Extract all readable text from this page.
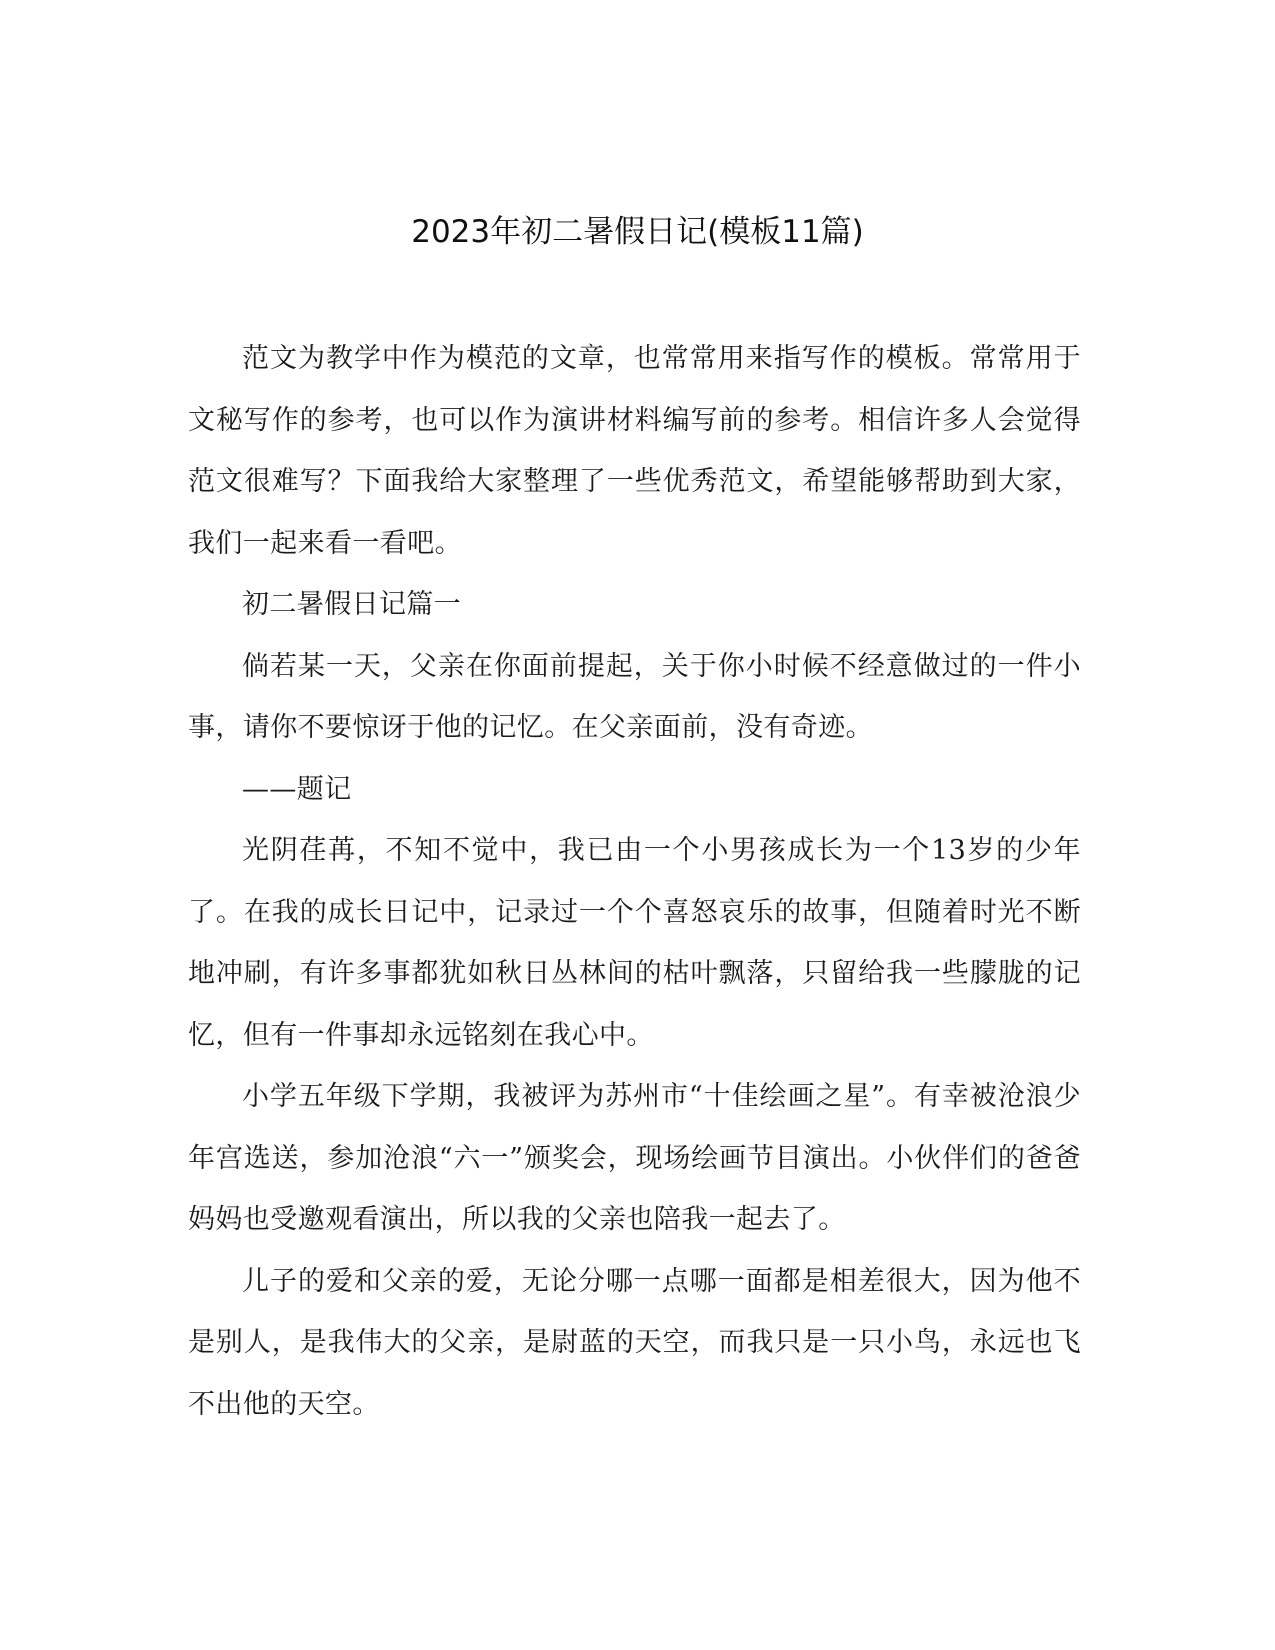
2023年初二暑假日记(模板11篇)

范文为教学中作为模范的文章，也常常用来指写作的模板。常常用于文秘写作的参考，也可以作为演讲材料编写前的参考。相信许多人会觉得范文很难写？下面我给大家整理了一些优秀范文，希望能够帮助到大家，我们一起来看一看吧。

初二暑假日记篇一

倘若某一天，父亲在你面前提起，关于你小时候不经意做过的一件小事，请你不要惊讶于他的记忆。在父亲面前，没有奇迹。

——题记

光阴荏苒，不知不觉中，我已由一个小男孩成长为一个13岁的少年了。在我的成长日记中，记录过一个个喜怒哀乐的故事，但随着时光不断地冲刷，有许多事都犹如秋日丛林间的枯叶飘落，只留给我一些朦胧的记忆，但有一件事却永远铭刻在我心中。

小学五年级下学期，我被评为苏州市“十佳绘画之星”。有幸被沧浪少年宫选送，参加沧浪“六一”颁奖会，现场绘画节目演出。小伙伴们的爸爸妈妈也受邀观看演出，所以我的父亲也陪我一起去了。

儿子的爱和父亲的爱，无论分哪一点哪一面都是相差很大，因为他不是别人，是我伟大的父亲，是尉蓝的天空，而我只是一只小鸟，永远也飞不出他的天空。
